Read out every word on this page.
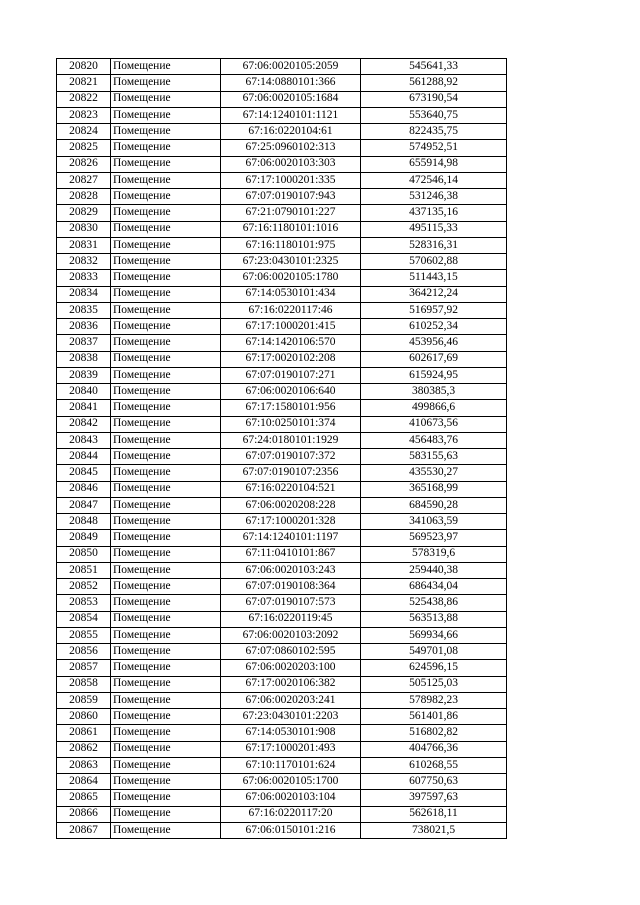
20820	Помещение	67:06:0020105:2059	545641,33
20821	Помещение	67:14:0880101:366	561288,92
20822	Помещение	67:06:0020105:1684	673190,54
20823	Помещение	67:14:1240101:1121	553640,75
20824	Помещение	67:16:0220104:61	822435,75
20825	Помещение	67:25:0960102:313	574952,51
20826	Помещение	67:06:0020103:303	655914,98
20827	Помещение	67:17:1000201:335	472546,14
20828	Помещение	67:07:0190107:943	531246,38
20829	Помещение	67:21:0790101:227	437135,16
20830	Помещение	67:16:1180101:1016	495115,33
20831	Помещение	67:16:1180101:975	528316,31
20832	Помещение	67:23:0430101:2325	570602,88
20833	Помещение	67:06:0020105:1780	511443,15
20834	Помещение	67:14:0530101:434	364212,24
20835	Помещение	67:16:0220117:46	516957,92
20836	Помещение	67:17:1000201:415	610252,34
20837	Помещение	67:14:1420106:570	453956,46
20838	Помещение	67:17:0020102:208	602617,69
20839	Помещение	67:07:0190107:271	615924,95
20840	Помещение	67:06:0020106:640	380385,3
20841	Помещение	67:17:1580101:956	499866,6
20842	Помещение	67:10:0250101:374	410673,56
20843	Помещение	67:24:0180101:1929	456483,76
20844	Помещение	67:07:0190107:372	583155,63
20845	Помещение	67:07:0190107:2356	435530,27
20846	Помещение	67:16:0220104:521	365168,99
20847	Помещение	67:06:0020208:228	684590,28
20848	Помещение	67:17:1000201:328	341063,59
20849	Помещение	67:14:1240101:1197	569523,97
20850	Помещение	67:11:0410101:867	578319,6
20851	Помещение	67:06:0020103:243	259440,38
20852	Помещение	67:07:0190108:364	686434,04
20853	Помещение	67:07:0190107:573	525438,86
20854	Помещение	67:16:0220119:45	563513,88
20855	Помещение	67:06:0020103:2092	569934,66
20856	Помещение	67:07:0860102:595	549701,08
20857	Помещение	67:06:0020203:100	624596,15
20858	Помещение	67:17:0020106:382	505125,03
20859	Помещение	67:06:0020203:241	578982,23
20860	Помещение	67:23:0430101:2203	561401,86
20861	Помещение	67:14:0530101:908	516802,82
20862	Помещение	67:17:1000201:493	404766,36
20863	Помещение	67:10:1170101:624	610268,55
20864	Помещение	67:06:0020105:1700	607750,63
20865	Помещение	67:06:0020103:104	397597,63
20866	Помещение	67:16:0220117:20	562618,11
20867	Помещение	67:06:0150101:216	738021,5
